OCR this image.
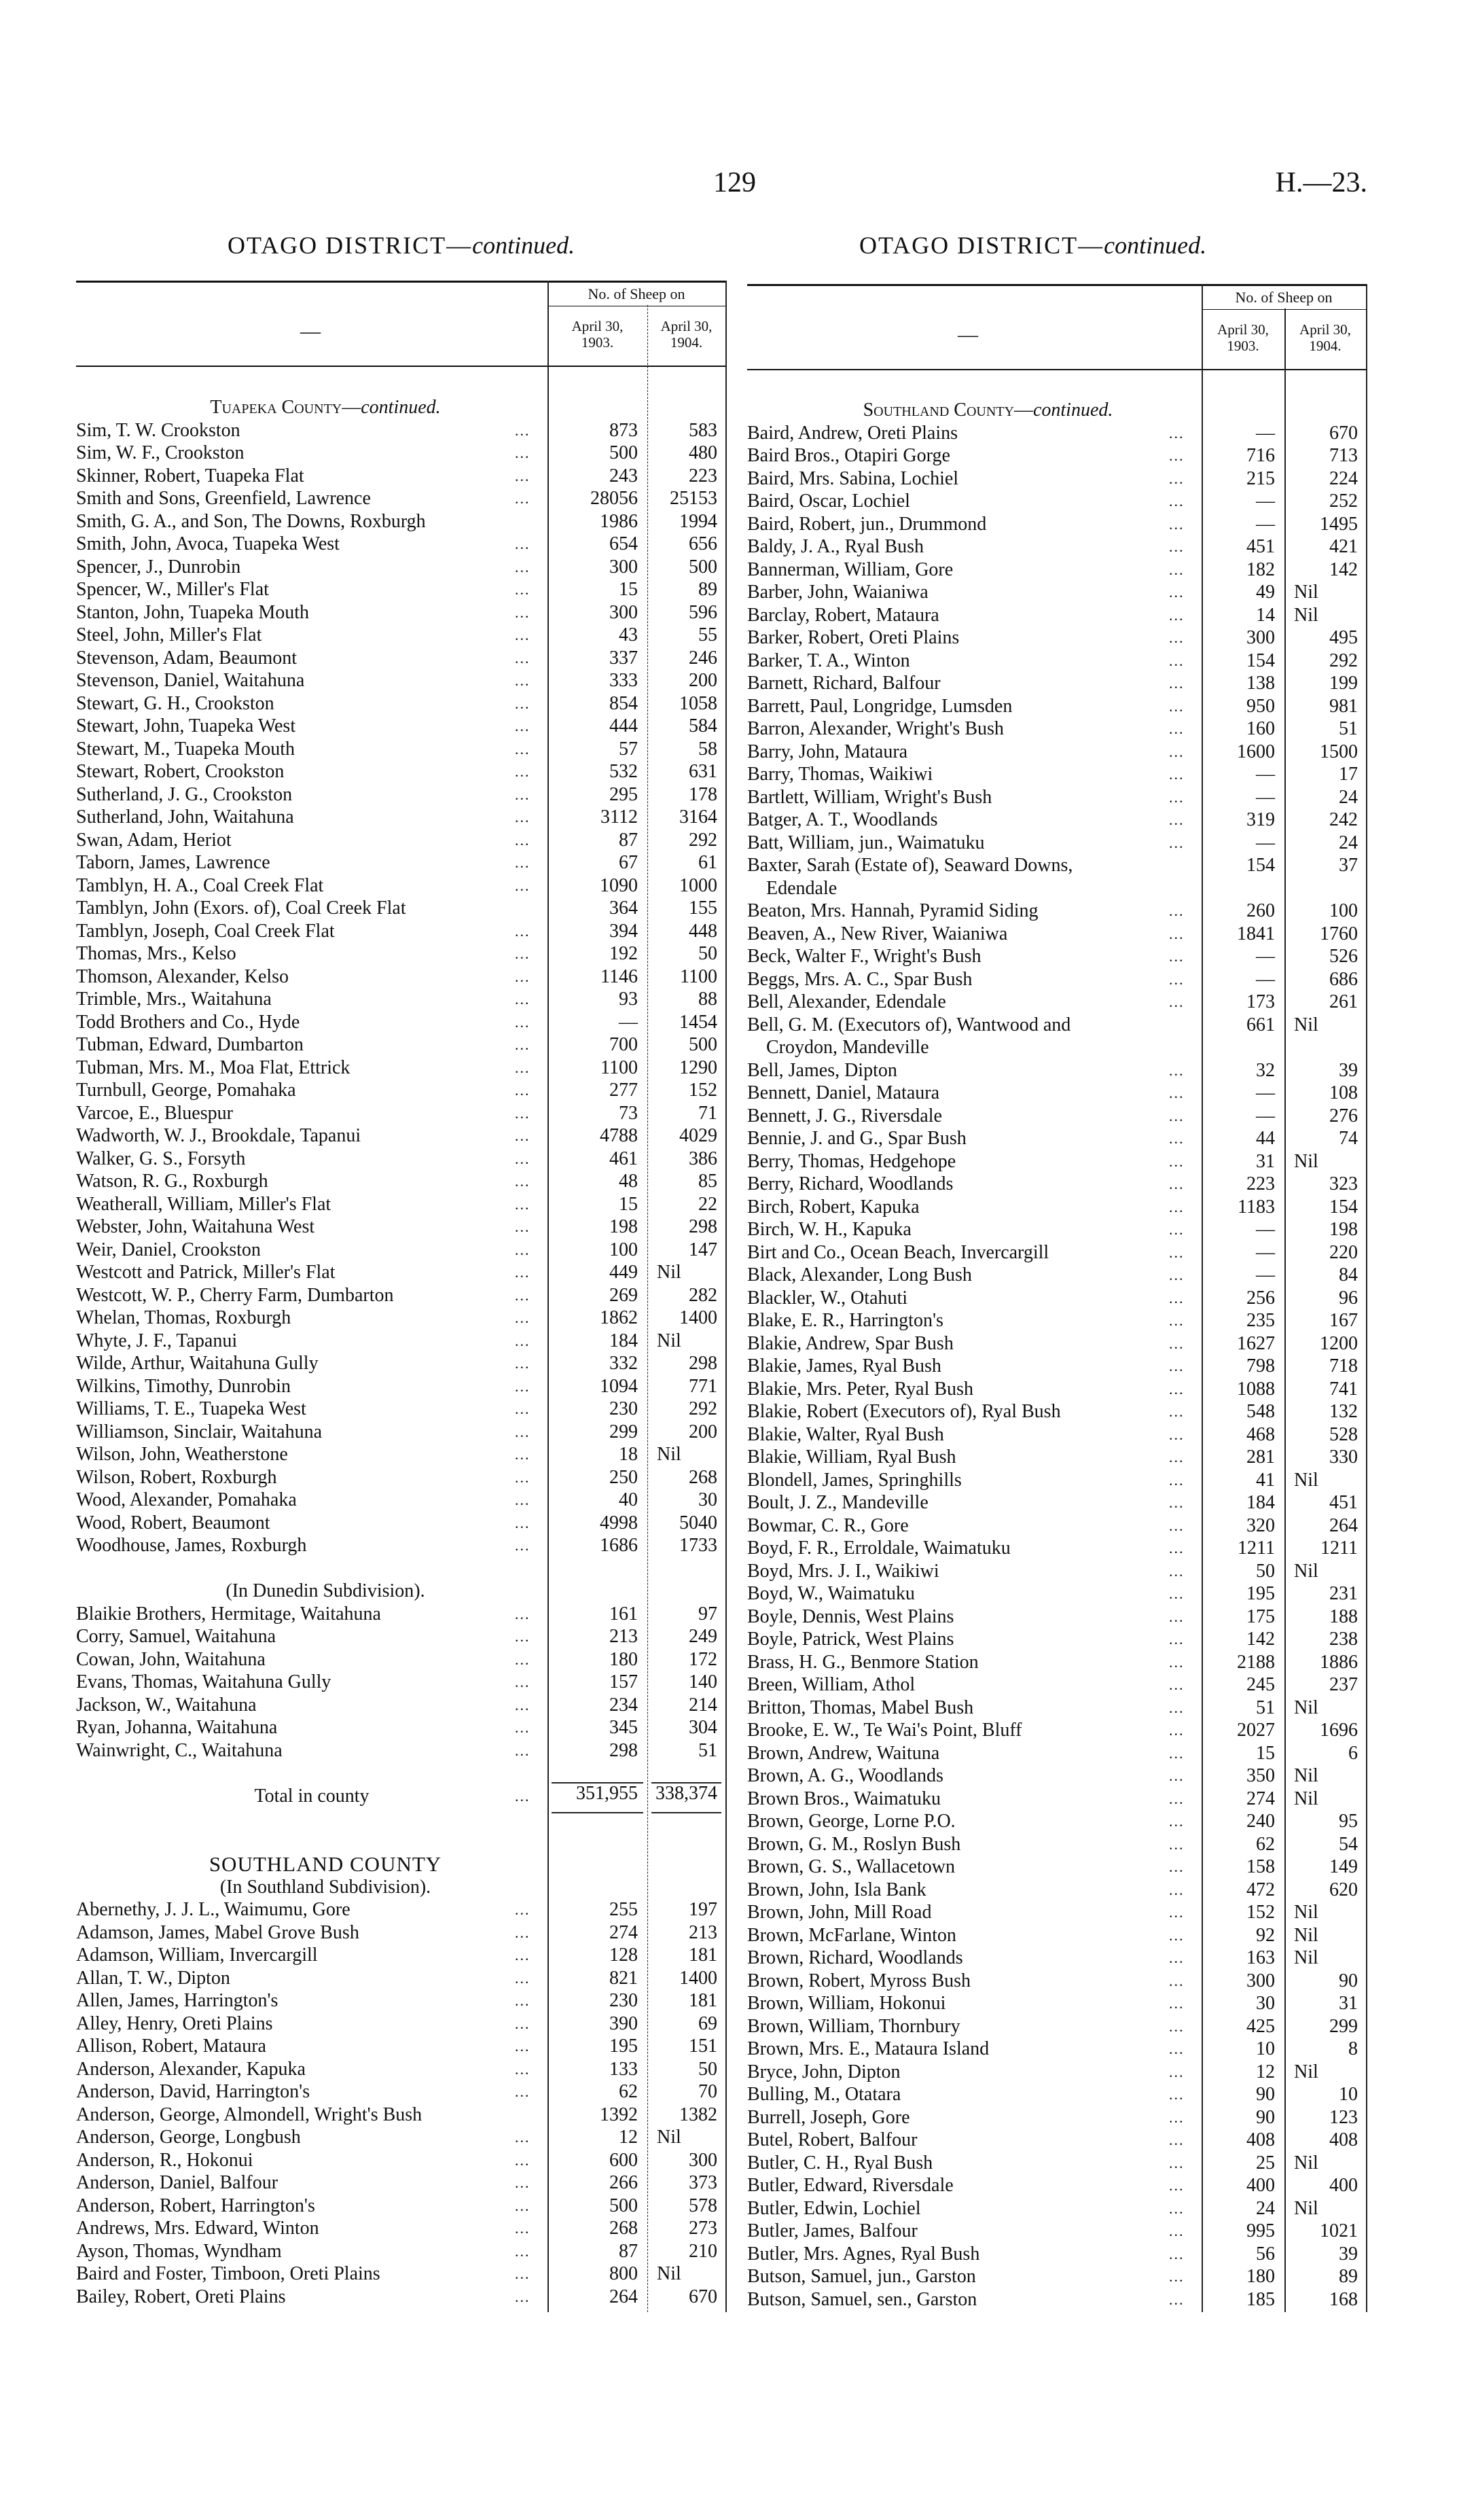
129	H.—23.
OTAGO DISTRICT—continued.	OTAGO DISTRICT—continued.
—
No. of Sheep on
April 30,
1903.
April 30,
1904.	—
No. of Sheep on
April 30,
1903.
April 30,
1904.
Tuapeka County—continued.
Sim, T. W. Crookston	...	873	583
Sim, W. F., Crookston	...	500	480
Skinner, Robert, Tuapeka Flat	...	243	223
Smith and Sons, Greenfield, Lawrence	...	28056	25153
Smith, G. A., and Son, The Downs, Roxburgh	1986	1994
Smith, John, Avoca, Tuapeka West	...	654	656
Spencer, J., Dunrobin	...	300	500
Spencer, W., Miller's Flat	...	15	89
Stanton, John, Tuapeka Mouth	...	300	596
Steel, John, Miller's Flat	...	43	55
Stevenson, Adam, Beaumont	...	337	246
Stevenson, Daniel, Waitahuna	...	333	200
Stewart, G. H., Crookston	...	854	1058
Stewart, John, Tuapeka West	...	444	584
Stewart, M., Tuapeka Mouth	...	57	58
Stewart, Robert, Crookston	...	532	631
Sutherland, J. G., Crookston	...	295	178
Sutherland, John, Waitahuna	...	3112	3164
Swan, Adam, Heriot	...	87	292
Taborn, James, Lawrence	...	67	61
Tamblyn, H. A., Coal Creek Flat	...	1090	1000
Tamblyn, John (Exors. of), Coal Creek Flat	364	155
Tamblyn, Joseph, Coal Creek Flat	...	394	448
Thomas, Mrs., Kelso	...	192	50
Thomson, Alexander, Kelso	...	1146	1100
Trimble, Mrs., Waitahuna	...	93	88
Todd Brothers and Co., Hyde	...	—	1454
Tubman, Edward, Dumbarton	...	700	500
Tubman, Mrs. M., Moa Flat, Ettrick	...	1100	1290
Turnbull, George, Pomahaka	...	277	152
Varcoe, E., Bluespur	...	73	71
Wadworth, W. J., Brookdale, Tapanui	...	4788	4029
Walker, G. S., Forsyth	...	461	386
Watson, R. G., Roxburgh	...	48	85
Weatherall, William, Miller's Flat	...	15	22
Webster, John, Waitahuna West	...	198	298
Weir, Daniel, Crookston	...	100	147
Westcott and Patrick, Miller's Flat	...	449 Nil
Westcott, W. P., Cherry Farm, Dumbarton	...	269	282
Whelan, Thomas, Roxburgh	...	1862	1400
Whyte, J. F., Tapanui	...	184 Nil
Wilde, Arthur, Waitahuna Gully	...	332	298
Wilkins, Timothy, Dunrobin	...	1094	771
Williams, T. E., Tuapeka West	...	230	292
Williamson, Sinclair, Waitahuna	...	299	200
Wilson, John, Weatherstone	...	18 Nil
Wilson, Robert, Roxburgh	...	250	268
Wood, Alexander, Pomahaka	...	40	30
Wood, Robert, Beaumont	...	4998	5040
Woodhouse, James, Roxburgh	...	1686	1733
(In Dunedin Subdivision).
Blaikie Brothers, Hermitage, Waitahuna	...	161	97
Corry, Samuel, Waitahuna	...	213	249
Cowan, John, Waitahuna	...	180	172
Evans, Thomas, Waitahuna Gully	...	157	140
Jackson, W., Waitahuna	...	234	214
Ryan, Johanna, Waitahuna	...	345	304
Wainwright, C., Waitahuna	...	298	51
Total in county	...	351,955 338,374
SOUTHLAND COUNTY
(In Southland Subdivision).
Abernethy, J. J. L., Waimumu, Gore	...	255	197
Adamson, James, Mabel Grove Bush	...	274	213
Adamson, William, Invercargill	...	128	181
Allan, T. W., Dipton	...	821	1400
Allen, James, Harrington's	...	230	181
Alley, Henry, Oreti Plains	...	390	69
Allison, Robert, Mataura	...	195	151
Anderson, Alexander, Kapuka	...	133	50
Anderson, David, Harrington's	...	62	70
Anderson, George, Almondell, Wright's Bush	1392	1382
Anderson, George, Longbush	...	12 Nil
Anderson, R., Hokonui	...	600	300
Anderson, Daniel, Balfour	...	266	373
Anderson, Robert, Harrington's	...	500	578
Andrews, Mrs. Edward, Winton	...	268	273
Ayson, Thomas, Wyndham	...	87	210
Baird and Foster, Timboon, Oreti Plains	...	800 Nil
Bailey, Robert, Oreti Plains	...	264	670
Southland County—continued.
Baird, Andrew, Oreti Plains	...	—	670
Baird Bros., Otapiri Gorge	...	716	713
Baird, Mrs. Sabina, Lochiel	...	215	224
Baird, Oscar, Lochiel	...	—	252
Baird, Robert, jun., Drummond	...	—	1495
Baldy, J. A., Ryal Bush	...	451	421
Bannerman, William, Gore	...	182	142
Barber, John, Waianiwa	...	49 Nil
Barclay, Robert, Mataura	...	14 Nil
Barker, Robert, Oreti Plains	...	300	495
Barker, T. A., Winton	...	154	292
Barnett, Richard, Balfour	...	138	199
Barrett, Paul, Longridge, Lumsden	...	950	981
Barron, Alexander, Wright's Bush	...	160	51
Barry, John, Mataura	...	1600	1500
Barry, Thomas, Waikiwi	...	—	17
Bartlett, William, Wright's Bush	...	—	24
Batger, A. T., Woodlands	...	319	242
Batt, William, jun., Waimatuku	...	—	24
Baxter, Sarah (Estate of), Seaward Downs,
Edendale
154	37
Beaton, Mrs. Hannah, Pyramid Siding	...	260	100
Beaven, A., New River, Waianiwa	...	1841	1760
Beck, Walter F., Wright's Bush	...	—	526
Beggs, Mrs. A. C., Spar Bush	...	—	686
Bell, Alexander, Edendale	...	173	261
Bell, G. M. (Executors of), Wantwood and
Croydon, Mandeville
661 Nil
Bell, James, Dipton	...	32	39
Bennett, Daniel, Mataura	...	—	108
Bennett, J. G., Riversdale	...	—	276
Bennie, J. and G., Spar Bush	...	44	74
Berry, Thomas, Hedgehope	...	31 Nil
Berry, Richard, Woodlands	...	223	323
Birch, Robert, Kapuka	...	1183	154
Birch, W. H., Kapuka	...	—	198
Birt and Co., Ocean Beach, Invercargill	...	—	220
Black, Alexander, Long Bush	...	—	84
Blackler, W., Otahuti	...	256	96
Blake, E. R., Harrington's	...	235	167
Blakie, Andrew, Spar Bush	...	1627	1200
Blakie, James, Ryal Bush	...	798	718
Blakie, Mrs. Peter, Ryal Bush	...	1088	741
Blakie, Robert (Executors of), Ryal Bush	...	548	132
Blakie, Walter, Ryal Bush	...	468	528
Blakie, William, Ryal Bush	...	281	330
Blondell, James, Springhills	...	41 Nil
Boult, J. Z., Mandeville	...	184	451
Bowmar, C. R., Gore	...	320	264
Boyd, F. R., Erroldale, Waimatuku	...	1211	1211
Boyd, Mrs. J. I., Waikiwi	...	50 Nil
Boyd, W., Waimatuku	...	195	231
Boyle, Dennis, West Plains	...	175	188
Boyle, Patrick, West Plains	...	142	238
Brass, H. G., Benmore Station	...	2188	1886
Breen, William, Athol	...	245	237
Britton, Thomas, Mabel Bush	...	51 Nil
Brooke, E. W., Te Wai's Point, Bluff	...	2027	1696
Brown, Andrew, Waituna	...	15	6
Brown, A. G., Woodlands	...	350 Nil
Brown Bros., Waimatuku	...	274 Nil
Brown, George, Lorne P.O.	...	240	95
Brown, G. M., Roslyn Bush	...	62	54
Brown, G. S., Wallacetown	...	158	149
Brown, John, Isla Bank	...	472	620
Brown, John, Mill Road	...	152 Nil
Brown, McFarlane, Winton	...	92 Nil
Brown, Richard, Woodlands	...	163 Nil
Brown, Robert, Myross Bush	...	300	90
Brown, William, Hokonui	...	30	31
Brown, William, Thornbury	...	425	299
Brown, Mrs. E., Mataura Island	...	10	8
Bryce, John, Dipton	...	12 Nil
Bulling, M., Otatara	...	90	10
Burrell, Joseph, Gore	...	90	123
Butel, Robert, Balfour	...	408	408
Butler, C. H., Ryal Bush	...	25 Nil
Butler, Edward, Riversdale	...	400	400
Butler, Edwin, Lochiel	...	24 Nil
Butler, James, Balfour	...	995	1021
Butler, Mrs. Agnes, Ryal Bush	...	56	39
Butson, Samuel, jun., Garston	...	180	89
Butson, Samuel, sen., Garston	...	185	168
